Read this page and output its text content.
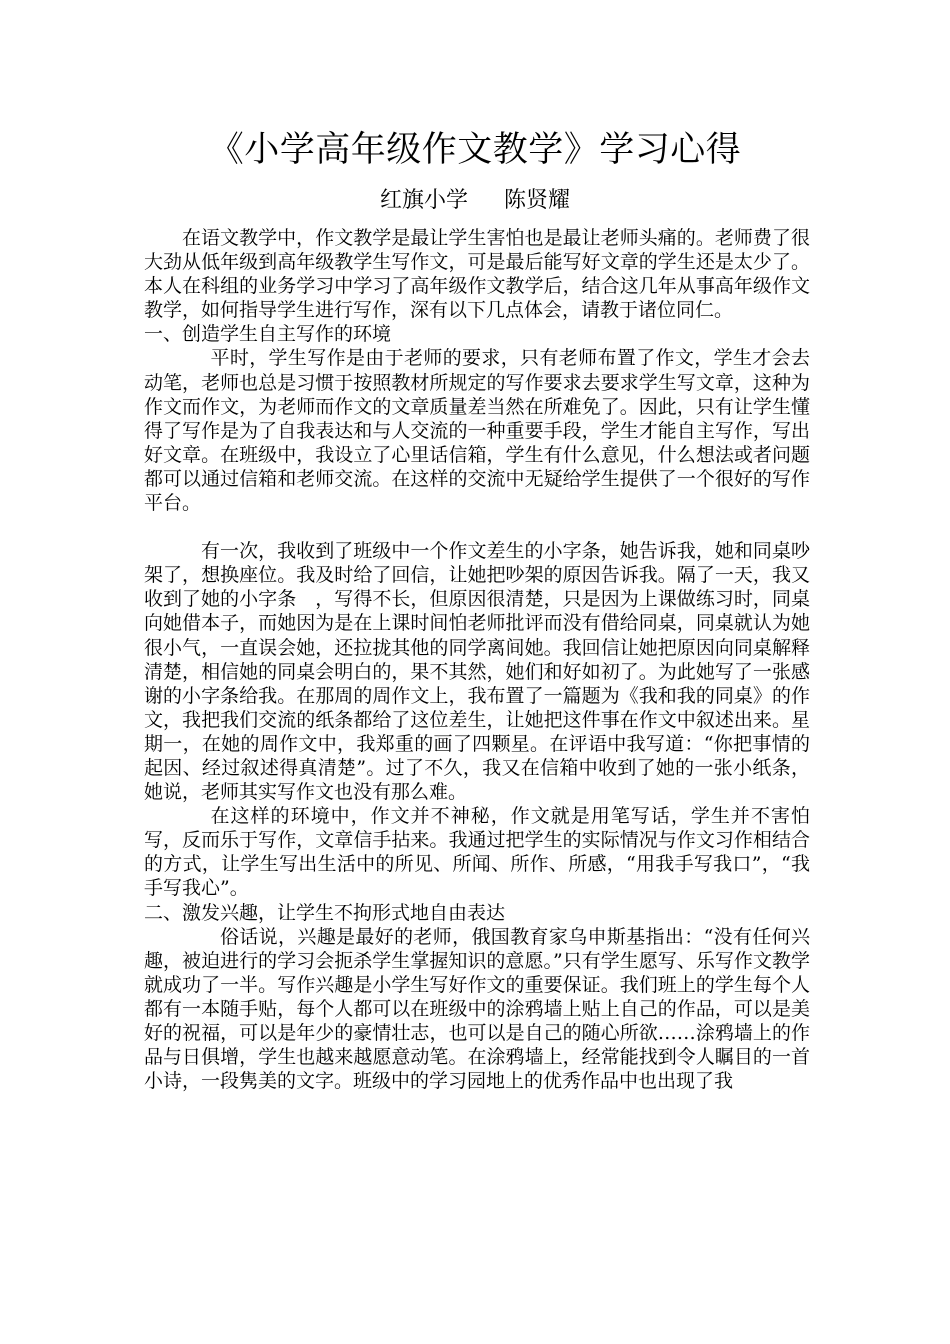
《小学高年级作文教学》学习心得
红旗小学 陈贤耀

在语文教学中，作文教学是最让学生害怕也是最让老师头痛的。老师费了很大劲从低年级到高年级教学生写作文，可是最后能写好文章的学生还是太少了。本人在科组的业务学习中学习了高年级作文教学后，结合这几年从事高年级作文教学，如何指导学生进行写作，深有以下几点体会，请教于诸位同仁。

一、创造学生自主写作的环境

平时，学生写作是由于老师的要求，只有老师布置了作文，学生才会去动笔，老师也总是习惯于按照教材所规定的写作要求去要求学生写文章，这种为作文而作文，为老师而作文的文章质量差当然在所难免了。因此，只有让学生懂得了写作是为了自我表达和与人交流的一种重要手段，学生才能自主写作，写出好文章。在班级中，我设立了心里话信箱，学生有什么意见，什么想法或者问题都可以通过信箱和老师交流。在这样的交流中无疑给学生提供了一个很好的写作平台。

有一次，我收到了班级中一个作文差生的小字条，她告诉我，她和同桌吵架了，想换座位。我及时给了回信，让她把吵架的原因告诉我。隔了一天，我又收到了她的小字条　，写得不长，但原因很清楚，只是因为上课做练习时，同桌向她借本子，而她因为是在上课时间怕老师批评而没有借给同桌，同桌就认为她很小气，一直误会她，还拉拢其他的同学离间她。我回信让她把原因向同桌解释清楚，相信她的同桌会明白的，果不其然，她们和好如初了。为此她写了一张感谢的小字条给我。在那周的周作文上，我布置了一篇题为《我和我的同桌》的作文，我把我们交流的纸条都给了这位差生，让她把这件事在作文中叙述出来。星期一，在她的周作文中，我郑重的画了四颗星。在评语中我写道：“你把事情的起因、经过叙述得真清楚”。过了不久，我又在信箱中收到了她的一张小纸条，她说，老师其实写作文也没有那么难。

在这样的环境中，作文并不神秘，作文就是用笔写话，学生并不害怕写，反而乐于写作，文章信手拈来。我通过把学生的实际情况与作文习作相结合的方式，让学生写出生活中的所见、所闻、所作、所感，“用我手写我口”，“我手写我心”。

二、激发兴趣，让学生不拘形式地自由表达

俗话说，兴趣是最好的老师，俄国教育家乌申斯基指出：“没有任何兴趣，被迫进行的学习会扼杀学生掌握知识的意愿。”只有学生愿写、乐写作文教学就成功了一半。写作兴趣是小学生写好作文的重要保证。我们班上的学生每个人都有一本随手贴，每个人都可以在班级中的涂鸦墙上贴上自己的作品，可以是美好的祝福，可以是年少的豪情壮志，也可以是自己的随心所欲……涂鸦墙上的作品与日俱增，学生也越来越愿意动笔。在涂鸦墙上，经常能找到令人瞩目的一首小诗，一段隽美的文字。班级中的学习园地上的优秀作品中也出现了我
